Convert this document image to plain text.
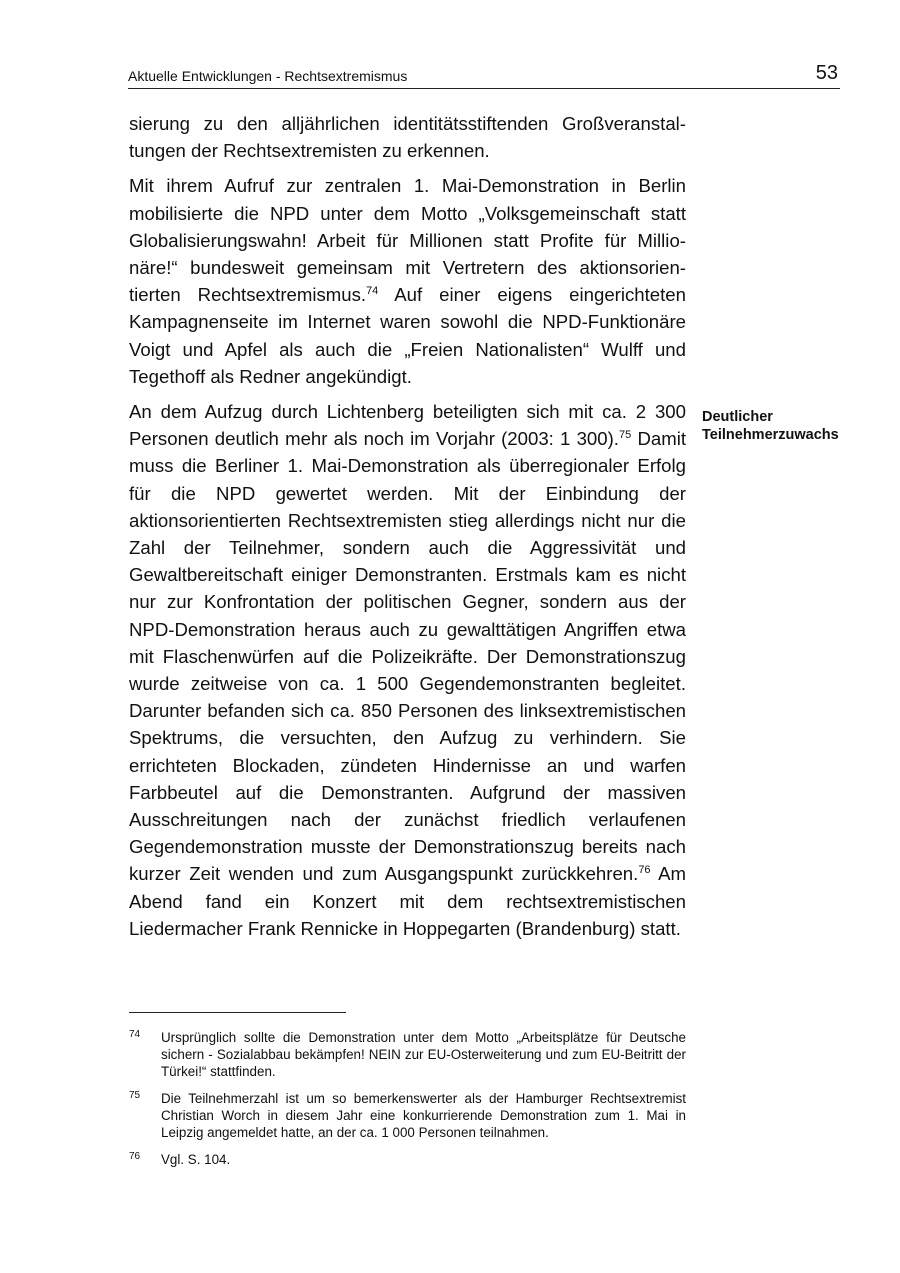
Aktuelle Entwicklungen - Rechtsextremismus	53

sierung zu den alljährlichen identitätsstiftenden Großveranstaltungen der Rechtsextremisten zu erkennen.

Mit ihrem Aufruf zur zentralen 1. Mai-Demonstration in Berlin mobilisierte die NPD unter dem Motto „Volksgemeinschaft statt Globalisierungswahn! Arbeit für Millionen statt Profite für Millionäre!“ bundesweit gemeinsam mit Vertretern des aktionsorientierten Rechtsextremismus.$^{74}$ Auf einer eigens eingerichteten Kampagnenseite im Internet waren sowohl die NPD-Funktionäre Voigt und Apfel als auch die „Freien Nationalisten“ Wulff und Tegethoff als Redner angekündigt.

An dem Aufzug durch Lichtenberg beteiligten sich mit ca. 2 300 Personen deutlich mehr als noch im Vorjahr (2003: 1 300).$^{75}$ Damit muss die Berliner 1. Mai-Demonstration als überregionaler Erfolg für die NPD gewertet werden. Mit der Einbindung der aktionsorientierten Rechtsextremisten stieg allerdings nicht nur die Zahl der Teilnehmer, sondern auch die Aggressivität und Gewaltbereitschaft einiger Demonstranten. Erstmals kam es nicht nur zur Konfrontation der politischen Gegner, sondern aus der NPD-Demonstration heraus auch zu gewalttätigen Angriffen etwa mit Flaschenwürfen auf die Polizeikräfte. Der Demonstrationszug wurde zeitweise von ca. 1 500 Gegendemonstranten begleitet. Darunter befanden sich ca. 850 Personen des linksextremistischen Spektrums, die versuchten, den Aufzug zu verhindern. Sie errichteten Blockaden, zündeten Hindernisse an und warfen Farbbeutel auf die Demonstranten. Aufgrund der massiven Ausschreitungen nach der zunächst friedlich verlaufenen Gegendemonstration musste der Demonstrationszug bereits nach kurzer Zeit wenden und zum Ausgangspunkt zurückkehren.$^{76}$ Am Abend fand ein Konzert mit dem rechtsextremistischen Liedermacher Frank Rennicke in Hoppegarten (Brandenburg) statt.

Deutlicher
Teilnehmerzuwachs
74	Ursprünglich sollte die Demonstration unter dem Motto „Arbeitsplätze für Deutsche sichern - Sozialabbau bekämpfen! NEIN zur EU-Osterweiterung und zum EU-Beitritt der Türkei!“ stattfinden.
75	Die Teilnehmerzahl ist um so bemerkenswerter als der Hamburger Rechtsextremist Christian Worch in diesem Jahr eine konkurrierende Demonstration zum 1. Mai in Leipzig angemeldet hatte, an der ca. 1 000 Personen teilnahmen.
76	Vgl. S. 104.
